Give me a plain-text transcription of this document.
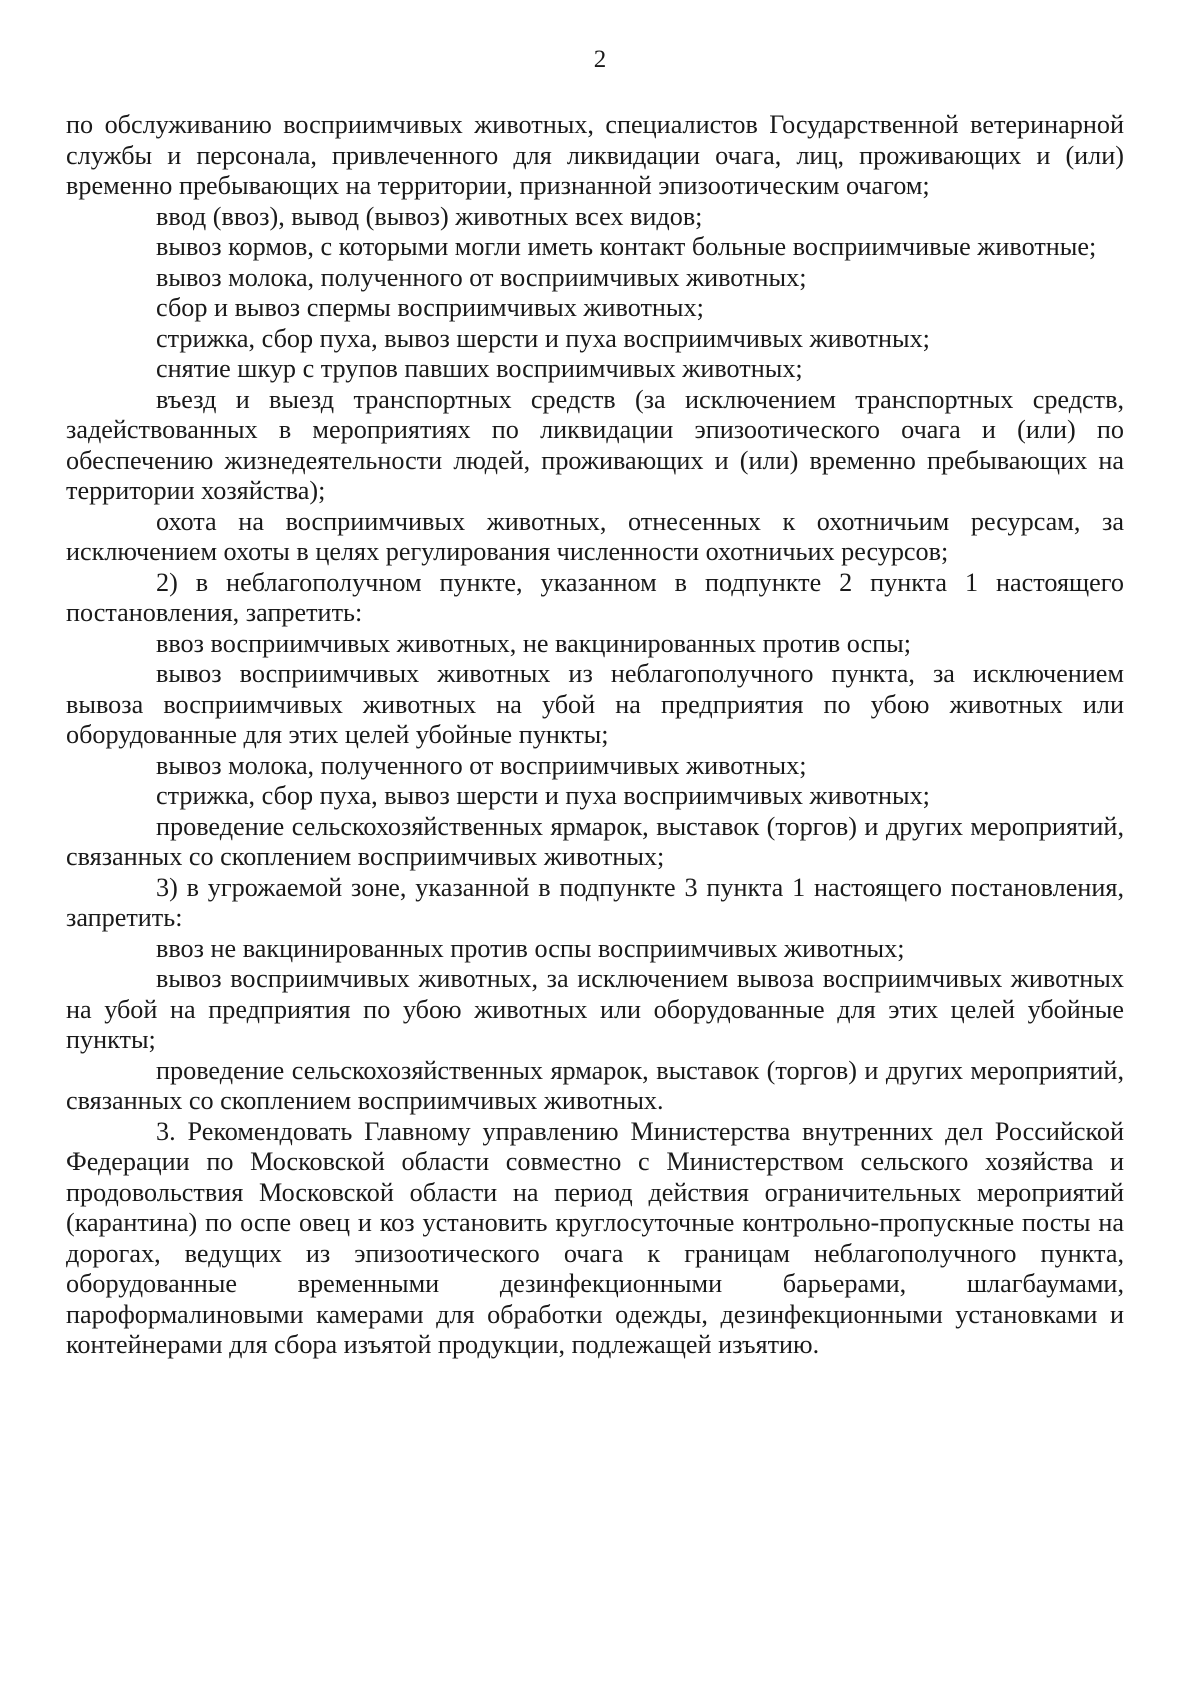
2

по обслуживанию восприимчивых животных, специалистов Государственной ветеринарной службы и персонала, привлеченного для ликвидации очага, лиц, проживающих и (или) временно пребывающих на территории, признанной эпизоотическим очагом;

ввод (ввоз), вывод (вывоз) животных всех видов;

вывоз кормов, с которыми могли иметь контакт больные восприимчивые животные;

вывоз молока, полученного от восприимчивых животных;

сбор и вывоз спермы восприимчивых животных;

стрижка, сбор пуха, вывоз шерсти и пуха восприимчивых животных;

снятие шкур с трупов павших восприимчивых животных;

въезд и выезд транспортных средств (за исключением транспортных средств, задействованных в мероприятиях по ликвидации эпизоотического очага и (или) по обеспечению жизнедеятельности людей, проживающих и (или) временно пребывающих на территории хозяйства);

охота на восприимчивых животных, отнесенных к охотничьим ресурсам, за исключением охоты в целях регулирования численности охотничьих ресурсов;

2) в неблагополучном пункте, указанном в подпункте 2 пункта 1 настоящего постановления, запретить:

ввоз восприимчивых животных, не вакцинированных против оспы;

вывоз восприимчивых животных из неблагополучного пункта, за исключением вывоза восприимчивых животных на убой на предприятия по убою животных или оборудованные для этих целей убойные пункты;

вывоз молока, полученного от восприимчивых животных;

стрижка, сбор пуха, вывоз шерсти и пуха восприимчивых животных;

проведение сельскохозяйственных ярмарок, выставок (торгов) и других мероприятий, связанных со скоплением восприимчивых животных;

3) в угрожаемой зоне, указанной в подпункте 3 пункта 1 настоящего постановления, запретить:

ввоз не вакцинированных против оспы восприимчивых животных;

вывоз восприимчивых животных, за исключением вывоза восприимчивых животных на убой на предприятия по убою животных или оборудованные для этих целей убойные пункты;

проведение сельскохозяйственных ярмарок, выставок (торгов) и других мероприятий, связанных со скоплением восприимчивых животных.

3. Рекомендовать Главному управлению Министерства внутренних дел Российской Федерации по Московской области совместно с Министерством сельского хозяйства и продовольствия Московской области на период действия ограничительных мероприятий (карантина) по оспе овец и коз установить круглосуточные контрольно-пропускные посты на дорогах, ведущих из эпизоотического очага к границам неблагополучного пункта, оборудованные временными дезинфекционными барьерами, шлагбаумами, пароформалиновыми камерами для обработки одежды, дезинфекционными установками и контейнерами для сбора изъятой продукции, подлежащей изъятию.
